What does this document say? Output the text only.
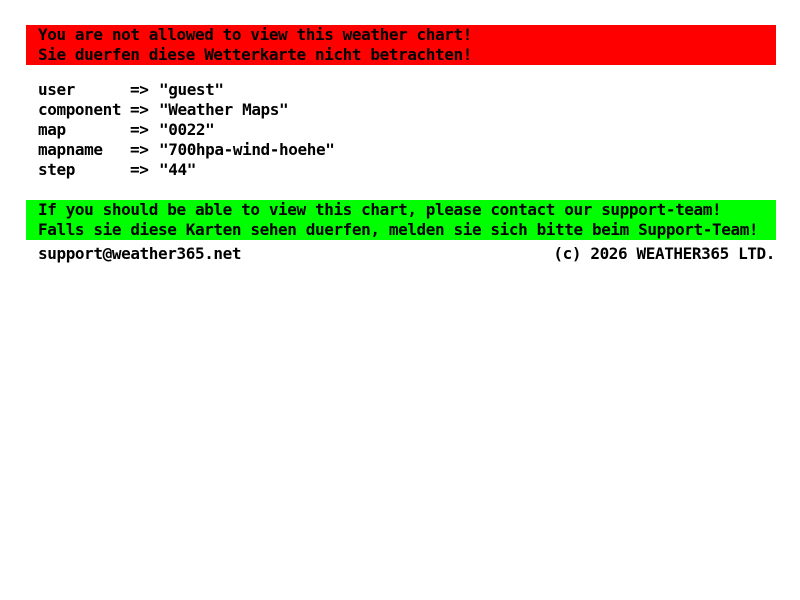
You are not allowed to view this weather chart!
Sie duerfen diese Wetterkarte nicht betrachten!
user	=> "guest"
component => "Weather Maps"
map	=> "0022"
mapname	=> "700hpa-wind-hoehe"
step	=> "44"
If you should be able to view this chart, please contact our support-team!
Falls sie diese Karten sehen duerfen, melden sie sich bitte beim Support-Team!
support@weather365.net	(c) 2026 WEATHER365 LTD.
